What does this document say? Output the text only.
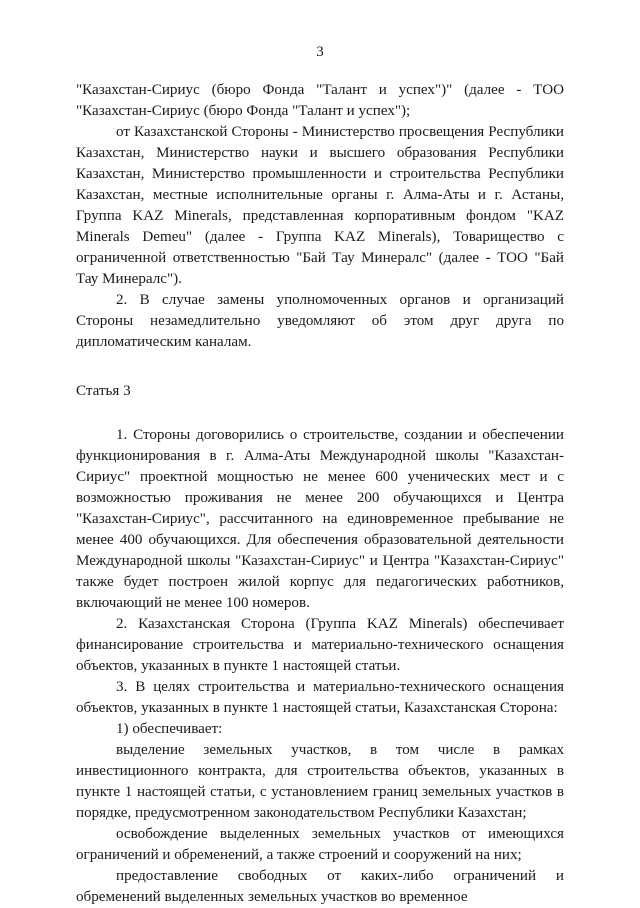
3
"Казахстан-Сириус (бюро Фонда "Талант и успех")" (далее - ТОО "Казахстан-Сириус (бюро Фонда "Талант и успех");
от Казахстанской Стороны - Министерство просвещения Республики Казахстан, Министерство науки и высшего образования Республики Казахстан, Министерство промышленности и строительства Республики Казахстан, местные исполнительные органы г. Алма-Аты и г. Астаны, Группа KAZ Minerals, представленная корпоративным фондом "KAZ Minerals Demeu" (далее - Группа KAZ Minerals), Товарищество с ограниченной ответственностью "Бай Тау Минералс" (далее - ТОО "Бай Тау Минералс").
2. В случае замены уполномоченных органов и организаций Стороны незамедлительно уведомляют об этом друг друга по дипломатическим каналам.
Статья 3
1. Стороны договорились о строительстве, создании и обеспечении функционирования в г. Алма-Аты Международной школы "Казахстан-Сириус" проектной мощностью не менее 600 ученических мест и с возможностью проживания не менее 200 обучающихся и Центра "Казахстан-Сириус", рассчитанного на единовременное пребывание не менее 400 обучающихся. Для обеспечения образовательной деятельности Международной школы "Казахстан-Сириус" и Центра "Казахстан-Сириус" также будет построен жилой корпус для педагогических работников, включающий не менее 100 номеров.
2. Казахстанская Сторона (Группа KAZ Minerals) обеспечивает финансирование строительства и материально-технического оснащения объектов, указанных в пункте 1 настоящей статьи.
3. В целях строительства и материально-технического оснащения объектов, указанных в пункте 1 настоящей статьи, Казахстанская Сторона:
1) обеспечивает:
выделение земельных участков, в том числе в рамках инвестиционного контракта, для строительства объектов, указанных в пункте 1 настоящей статьи, с установлением границ земельных участков в порядке, предусмотренном законодательством Республики Казахстан;
освобождение выделенных земельных участков от имеющихся ограничений и обременений, а также строений и сооружений на них;
предоставление свободных от каких-либо ограничений и обременений выделенных земельных участков во временное
